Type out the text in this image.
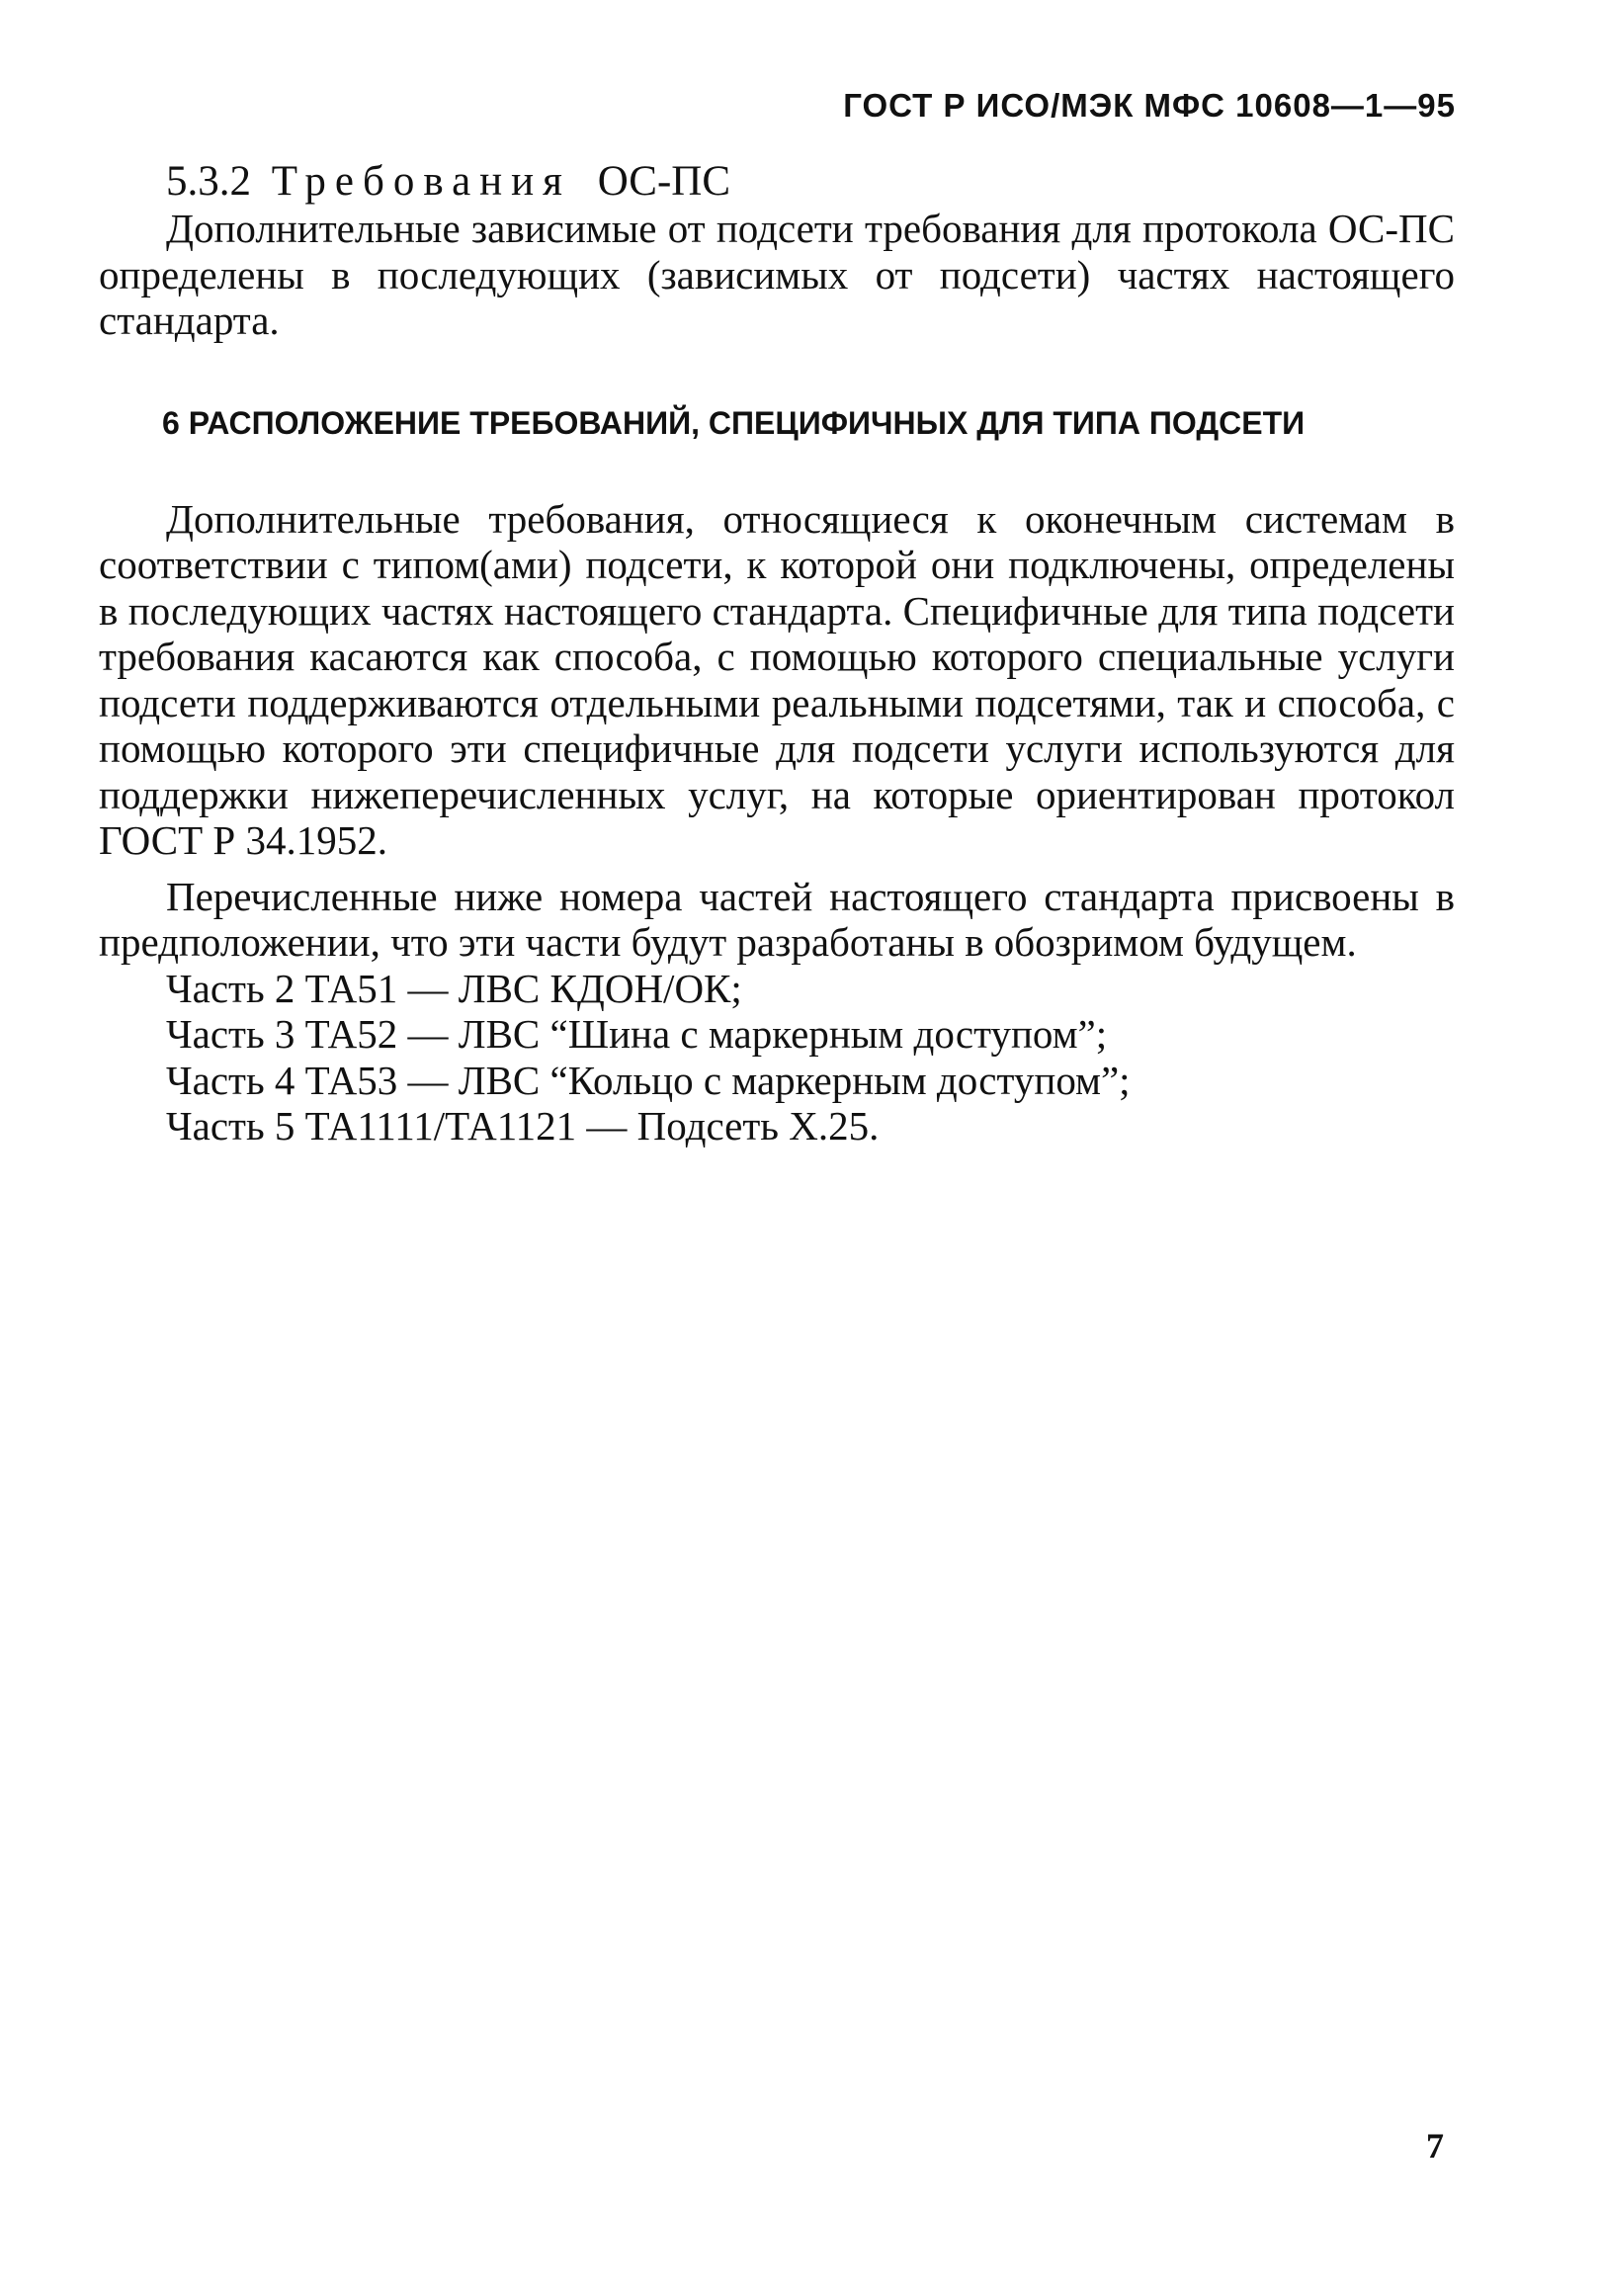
ГОСТ Р ИСО/МЭК МФС 10608—1—95
5.3.2 Требования ОС-ПС

Дополнительные зависимые от подсети требования для протокола ОС-ПС определены в последующих (зависимых от подсети) частях настоящего стандарта.

6 РАСПОЛОЖЕНИЕ ТРЕБОВАНИЙ, СПЕЦИФИЧНЫХ ДЛЯ ТИПА ПОДСЕТИ

Дополнительные требования, относящиеся к оконечным системам в соответствии с типом(ами) подсети, к которой они подключены, определены в последующих частях настоящего стандарта. Специфичные для типа подсети требования касаются как способа, с помощью которого специальные услуги подсети поддерживаются отдельными реальными подсетями, так и способа, с помощью которого эти специфичные для подсети услуги используются для поддержки нижеперечисленных услуг, на которые ориентирован протокол ГОСТ Р 34.1952.

Перечисленные ниже номера частей настоящего стандарта присвоены в предположении, что эти части будут разработаны в обозримом будущем.

Часть 2 ТА51 — ЛВС КДОН/ОК;
Часть 3 ТА52 — ЛВС “Шина с маркерным доступом”;
Часть 4 ТА53 — ЛВС “Кольцо с маркерным доступом”;
Часть 5 ТА1111/ТА1121 — Подсеть Х.25.
7
